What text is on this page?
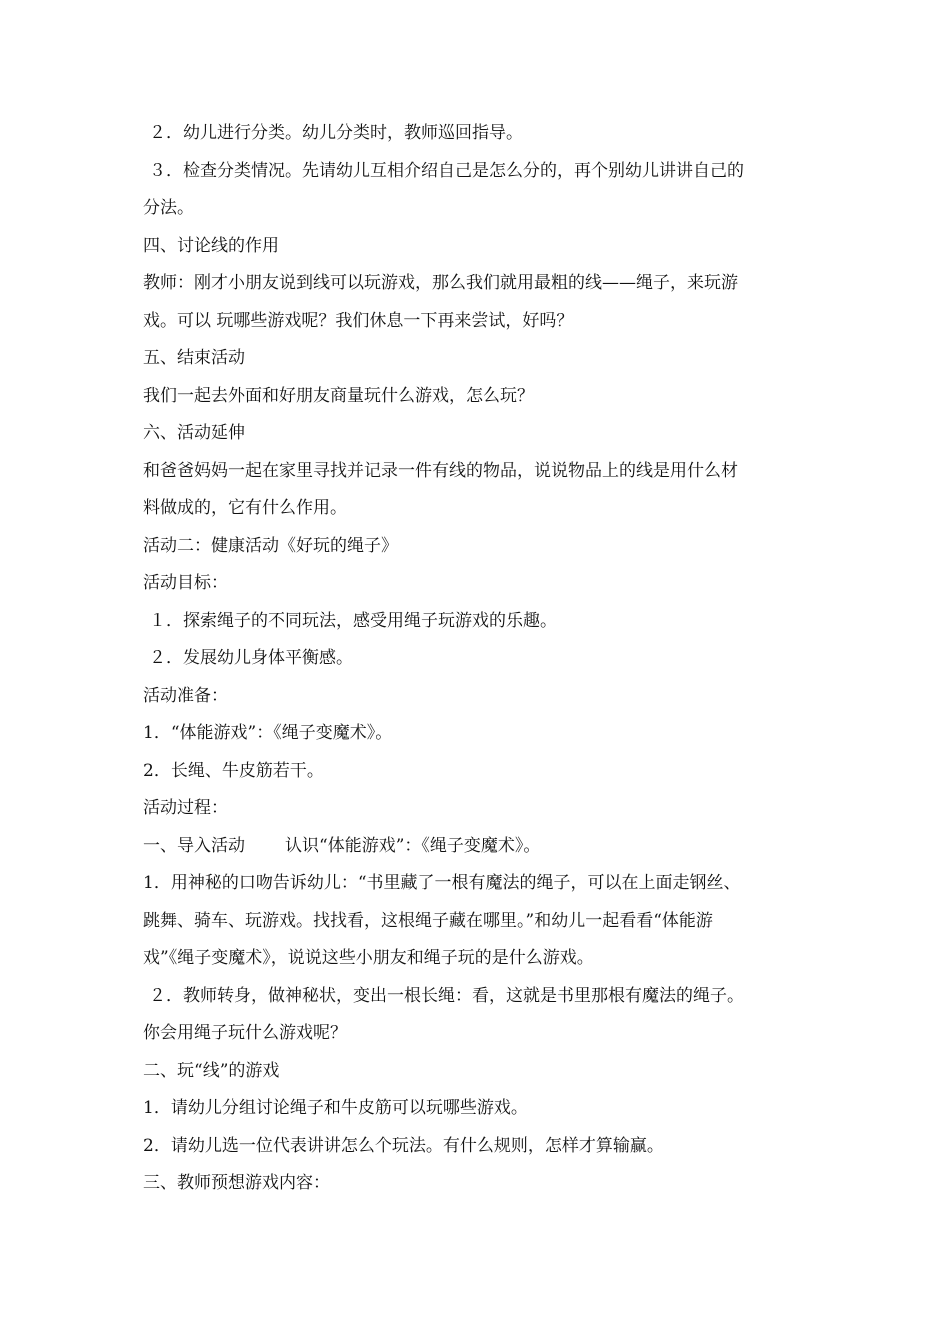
２．幼儿进行分类。幼儿分类时，教师巡回指导。

３．检查分类情况。先请幼儿互相介绍自己是怎么分的，再个别幼儿讲讲自己的

分法。

四、讨论线的作用

教师：刚才小朋友说到线可以玩游戏，那么我们就用最粗的线——绳子，来玩游

戏。可以 玩哪些游戏呢？我们休息一下再来尝试，好吗？

五、结束活动

我们一起去外面和好朋友商量玩什么游戏，怎么玩？

六、活动延伸

和爸爸妈妈一起在家里寻找并记录一件有线的物品，说说物品上的线是用什么材

料做成的，它有什么作用。

活动二：健康活动《好玩的绳子》

活动目标：

１．探索绳子的不同玩法，感受用绳子玩游戏的乐趣。

２．发展幼儿身体平衡感。

活动准备：

1．“体能游戏”：《绳子变魔术》。

2．长绳、牛皮筋若干。

活动过程：

一、导入活动 认识“体能游戏”：《绳子变魔术》。

1．用神秘的口吻告诉幼儿：“书里藏了一根有魔法的绳子，可以在上面走钢丝、

跳舞、骑车、玩游戏。找找看，这根绳子藏在哪里。”和幼儿一起看看“体能游

戏”《绳子变魔术》，说说这些小朋友和绳子玩的是什么游戏。

２．教师转身，做神秘状，变出一根长绳：看，这就是书里那根有魔法的绳子。

你会用绳子玩什么游戏呢？

二、玩“线”的游戏

1．请幼儿分组讨论绳子和牛皮筋可以玩哪些游戏。

2．请幼儿选一位代表讲讲怎么个玩法。有什么规则，怎样才算输赢。

三、教师预想游戏内容：
